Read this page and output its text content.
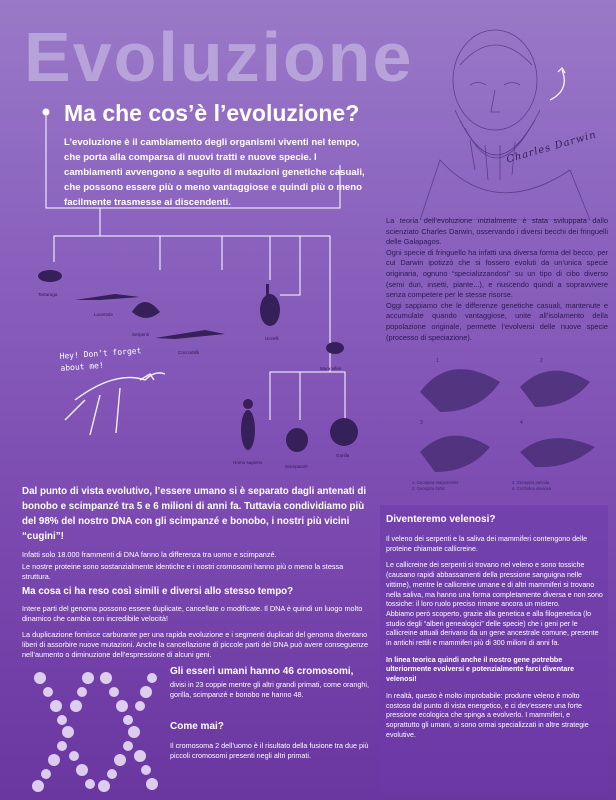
Evoluzione
Charles Darwin
Ma che cos’è l’evoluzione?
L’evoluzione è il cambiamento degli organismi viventi nel tempo, che porta alla comparsa di nuovi tratti e nuove specie. I cambiamenti avvengono a seguito di mutazioni genetiche casuali, che possono essere più o meno vantaggiose e quindi più o meno facilmente trasmesse ai discendenti.
Tartaruga
Lucertole
Serpenti
Coccodrilli
Uccelli
Mammiferi
Homo sapiens
Scimpanzé
Gorilla
Hey! Don’t forget
about me!

La teoria dell’evoluzione inizialmente è stata sviluppata dallo scienziato Charles Darwin, osservando i diversi becchi dei fringuelli delle Galapagos.

Ogni specie di fringuello ha infatti una diversa forma del becco, per cui Darwin ipotizzò che si fossero evoluti da un’unica specie originaria, ognuno “specializzandosi” su un tipo di cibo diverso (semi duri, insetti, piante...), e riuscendo quindi a sopravvivere senza competere per le stesse risorse.

Oggi sappiamo che le differenze genetiche casuali, mantenute e accumulate quando vantaggiose, unite all’isolamento della popolazione originale, permette l’evolversi delle nuove specie (processo di speciazione).

1	2
3	4
1. Geospiza magnirostris
2. Geospiza fortis
3. Geospiza parvula
4. Certhidea olivacea

Dal punto di vista evolutivo, l’essere umano si è separato dagli antenati di bonobo e scimpanzé tra 5 e 6 milioni di anni fa. Tuttavia condividiamo più del 98% del nostro DNA con gli scimpanzé e bonobo, i nostri più vicini “cugini”!

Infatti solo 18.000 frammenti di DNA fanno la differenza tra uomo e scimpanzé.

Le nostre proteine sono sostanzialmente identiche e i nostri cromosomi hanno più o meno la stessa struttura.

Ma cosa ci ha reso così simili e diversi allo stesso tempo?

Intere parti del genoma possono essere duplicate, cancellate o modificate. Il DNA è quindi un luogo molto dinamico che cambia con incredibile velocità!

La duplicazione fornisce carburante per una rapida evoluzione e i segmenti duplicati del genoma diventano liberi di assorbire nuove mutazioni. Anche la cancellazione di piccole parti del DNA può avere conseguenze nell’aumento o diminuzione dell’espressione di alcuni geni.

Gli esseri umani hanno 46 cromosomi,
divisi in 23 coppie mentre gli altri grandi primati, come oranghi, gorilla, scimpanzé e bonobo ne hanno 48.
Come mai?
Il cromosoma 2 dell’uomo è il risultato della fusione tra due più piccoli cromosomi presenti negli altri primati.
Diventeremo velenosi?

Il veleno dei serpenti e la saliva dei mammiferi contengono delle proteine chiamate callicreine.

Le callicreine dei serpenti si trovano nel veleno e sono tossiche (causano rapidi abbassamenti della pressione sanguigna nelle vittime), mentre le callicreine umane e di altri mammiferi si trovano nella saliva, ma hanno una forma completamente diversa e non sono tossiche: il loro ruolo preciso rimane ancora un mistero.

Abbiamo però scoperto, grazie alla genetica e alla filogenetica (lo studio degli “alberi genealogici” delle specie) che i geni per le callicreine attuali derivano da un gene ancestrale comune, presente in antichi rettili e mammiferi più di 300 milioni di anni fa.

In linea teorica quindi anche il nostro gene potrebbe ulteriormente evolversi e potenzialmente farci diventare velenosi!

In realtà, questo è molto improbabile: produrre veleno è molto costoso dal punto di vista energetico, e ci dev’essere una forte pressione ecologica che spinga a evolverlo. I mammiferi, e soprattutto gli umani, si sono ormai specializzati in altre strategie evolutive.
